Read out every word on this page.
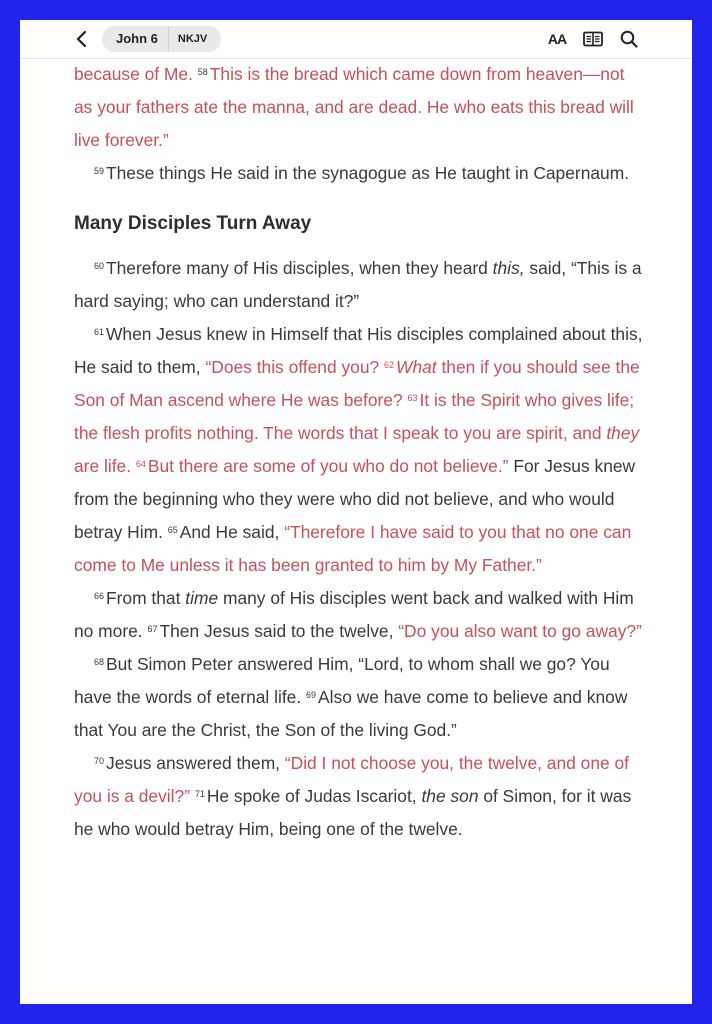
John 6	NKJV	AA

because of Me. $^{58}$ This is the bread which came down from heaven—not as your fathers ate the manna, and are dead. He who eats this bread will live forever.”

$^{59}$ These things He said in the synagogue as He taught in Capernaum.

Many Disciples Turn Away

$^{60}$ Therefore many of His disciples, when they heard this, said, “This is a hard saying; who can understand it?”

$^{61}$ When Jesus knew in Himself that His disciples complained about this, He said to them, “Does this offend you? $^{62}$ What then if you should see the Son of Man ascend where He was before? $^{63}$ It is the Spirit who gives life; the flesh profits nothing. The words that I speak to you are spirit, and they are life. $^{64}$ But there are some of you who do not believe.” For Jesus knew from the beginning who they were who did not believe, and who would betray Him. $^{65}$ And He said, “Therefore I have said to you that no one can come to Me unless it has been granted to him by My Father.”

$^{66}$ From that time many of His disciples went back and walked with Him no more. $^{67}$ Then Jesus said to the twelve, “Do you also want to go away?”

$^{68}$ But Simon Peter answered Him, “Lord, to whom shall we go? You have the words of eternal life. $^{69}$ Also we have come to believe and know that You are the Christ, the Son of the living God.”

$^{70}$ Jesus answered them, “Did I not choose you, the twelve, and one of you is a devil?” $^{71}$ He spoke of Judas Iscariot, the son of Simon, for it was he who would betray Him, being one of the twelve.
